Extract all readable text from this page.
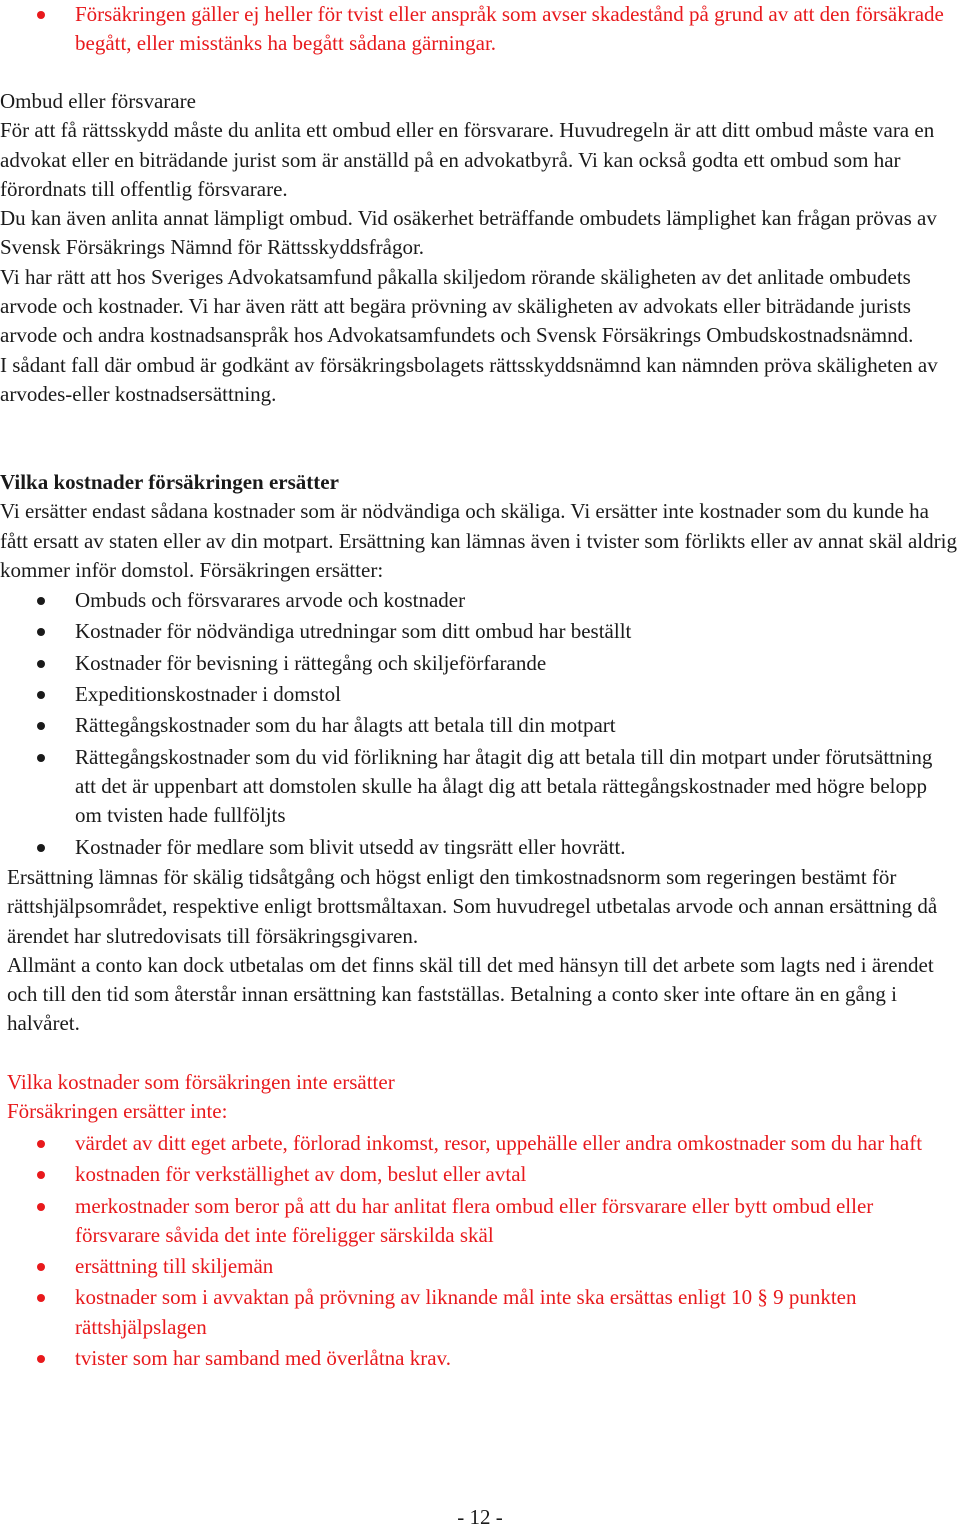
Försäkringen gäller ej heller för tvist eller anspråk som avser skadestånd på grund av att den försäkrade begått, eller misstänks ha begått sådana gärningar.

Ombud eller försvarare

För att få rättsskydd måste du anlita ett ombud eller en försvarare. Huvudregeln är att ditt ombud måste vara en advokat eller en biträdande jurist som är anställd på en advokatbyrå. Vi kan också godta ett ombud som har förordnats till offentlig försvarare.

Du kan även anlita annat lämpligt ombud. Vid osäkerhet beträffande ombudets lämplighet kan frågan prövas av Svensk Försäkrings Nämnd för Rättsskyddsfrågor.

Vi har rätt att hos Sveriges Advokatsamfund påkalla skiljedom rörande skäligheten av det anlitade ombudets arvode och kostnader. Vi har även rätt att begära prövning av skäligheten av advokats eller biträdande jurists arvode och andra kostnadsanspråk hos Advokatsamfundets och Svensk Försäkrings Ombudskostnadsnämnd.

I sådant fall där ombud är godkänt av försäkringsbolagets rättsskyddsnämnd kan nämnden pröva skäligheten av arvodes-eller kostnadsersättning.

Vilka kostnader försäkringen ersätter

Vi ersätter endast sådana kostnader som är nödvändiga och skäliga. Vi ersätter inte kostnader som du kunde ha fått ersatt av staten eller av din motpart. Ersättning kan lämnas även i tvister som förlikts eller av annat skäl aldrig kommer inför domstol. Försäkringen ersätter:

Ombuds och försvarares arvode och kostnader
Kostnader för nödvändiga utredningar som ditt ombud har beställt
Kostnader för bevisning i rättegång och skiljeförfarande
Expeditionskostnader i domstol
Rättegångskostnader som du har ålagts att betala till din motpart
Rättegångskostnader som du vid förlikning har åtagit dig att betala till din motpart under förutsättning att det är uppenbart att domstolen skulle ha ålagt dig att betala rättegångskostnader med högre belopp om tvisten hade fullföljts
Kostnader för medlare som blivit utsedd av tingsrätt eller hovrätt.

Ersättning lämnas för skälig tidsåtgång och högst enligt den timkostnadsnorm som regeringen bestämt för rättshjälpsområdet, respektive enligt brottsmåltaxan. Som huvudregel utbetalas arvode och annan ersättning då ärendet har slutredovisats till försäkringsgivaren.

Allmänt a conto kan dock utbetalas om det finns skäl till det med hänsyn till det arbete som lagts ned i ärendet och till den tid som återstår innan ersättning kan fastställas. Betalning a conto sker inte oftare än en gång i halvåret.

Vilka kostnader som försäkringen inte ersätter

Försäkringen ersätter inte:

värdet av ditt eget arbete, förlorad inkomst, resor, uppehälle eller andra omkostnader som du har haft
kostnaden för verkställighet av dom, beslut eller avtal
merkostnader som beror på att du har anlitat flera ombud eller försvarare eller bytt ombud eller försvarare såvida det inte föreligger särskilda skäl
ersättning till skiljemän
kostnader som i avvaktan på prövning av liknande mål inte ska ersättas enligt 10 § 9 punkten rättshjälpslagen
tvister som har samband med överlåtna krav.
- 12 -
